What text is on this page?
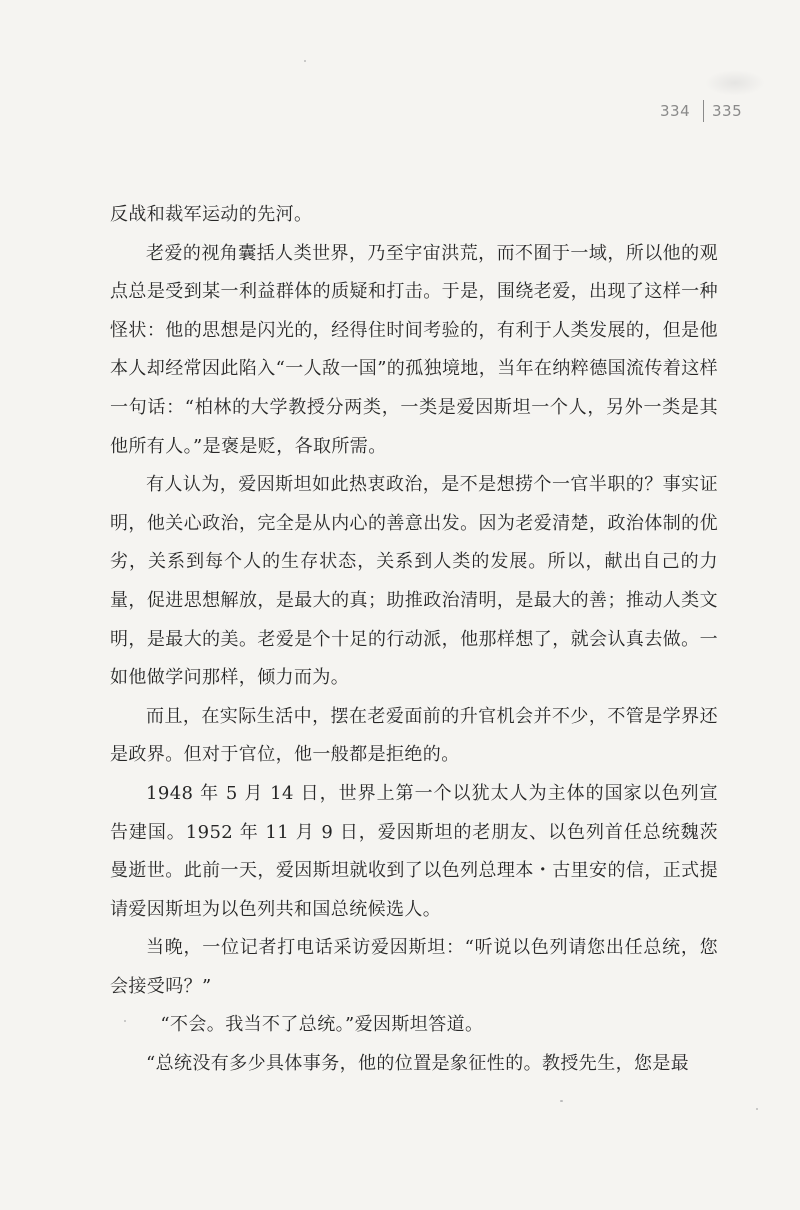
334 335

反战和裁军运动的先河。

老爱的视角囊括人类世界，乃至宇宙洪荒，而不囿于一域，所以他的观点总是受到某一利益群体的质疑和打击。于是，围绕老爱，出现了这样一种怪状：他的思想是闪光的，经得住时间考验的，有利于人类发展的，但是他本人却经常因此陷入“一人敌一国”的孤独境地，当年在纳粹德国流传着这样一句话：“柏林的大学教授分两类，一类是爱因斯坦一个人，另外一类是其他所有人。”是褒是贬，各取所需。

有人认为，爱因斯坦如此热衷政治，是不是想捞个一官半职的？事实证明，他关心政治，完全是从内心的善意出发。因为老爱清楚，政治体制的优劣，关系到每个人的生存状态，关系到人类的发展。所以，献出自己的力量，促进思想解放，是最大的真；助推政治清明，是最大的善；推动人类文明，是最大的美。老爱是个十足的行动派，他那样想了，就会认真去做。一如他做学问那样，倾力而为。

而且，在实际生活中，摆在老爱面前的升官机会并不少，不管是学界还是政界。但对于官位，他一般都是拒绝的。

1948 年 5 月 14 日，世界上第一个以犹太人为主体的国家以色列宣告建国。1952 年 11 月 9 日，爱因斯坦的老朋友、以色列首任总统魏茨曼逝世。此前一天，爱因斯坦就收到了以色列总理本・古里安的信，正式提请爱因斯坦为以色列共和国总统候选人。

当晚，一位记者打电话采访爱因斯坦：“听说以色列请您出任总统，您会接受吗？”

“不会。我当不了总统。”爱因斯坦答道。

“总统没有多少具体事务，他的位置是象征性的。教授先生，您是最
